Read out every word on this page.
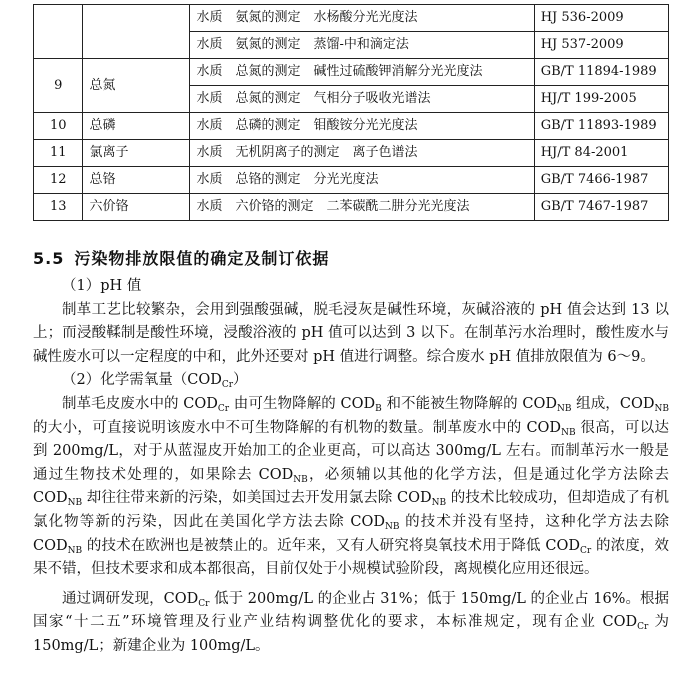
		水质　氨氮的测定　水杨酸分光光度法	HJ 536-2009
		水质　氨氮的测定　蒸馏-中和滴定法	HJ 537-2009
9	总氮	水质　总氮的测定　碱性过硫酸钾消解分光光度法	GB/T 11894-1989
		水质　总氮的测定　气相分子吸收光谱法	HJ/T 199-2005
10	总磷	水质　总磷的测定　钼酸铵分光光度法	GB/T 11893-1989
11	氯离子	水质　无机阴离子的测定　离子色谱法	HJ/T 84-2001
12	总铬	水质　总铬的测定　分光光度法	GB/T 7466-1987
13	六价铬	水质　六价铬的测定　二苯碳酰二肼分光光度法	GB/T 7467-1987
5.5 污染物排放限值的确定及制订依据

（1）pH 值

制革工艺比较繁杂，会用到强酸强碱，脱毛浸灰是碱性环境，灰碱浴液的 pH 值会达到 13 以上；而浸酸鞣制是酸性环境，浸酸浴液的 pH 值可以达到 3 以下。在制革污水治理时，酸性废水与碱性废水可以一定程度的中和，此外还要对 pH 值进行调整。综合废水 pH 值排放限值为 6～9。

（2）化学需氧量$(COD_{Cr})$

制革毛皮废水中的 $COD_{Cr}$ 由可生物降解的 $COD_B$ 和不能被生物降解的 $COD_{NB}$ 组成，$COD_{NB}$ 的大小，可直接说明该废水中不可生物降解的有机物的数量。制革废水中的 $COD_{NB}$ 很高，可以达到 200mg/L，对于从蓝湿皮开始加工的企业更高，可以高达 300mg/L 左右。而制革污水一般是通过生物技术处理的，如果除去 $COD_{NB}$，必须辅以其他的化学方法，但是通过化学方法除去 $COD_{NB}$ 却往往带来新的污染，如美国过去开发用氯去除 $COD_{NB}$ 的技术比较成功，但却造成了有机氯化物等新的污染，因此在美国化学方法去除 $COD_{NB}$ 的技术并没有坚持，这种化学方法去除 $COD_{NB}$ 的技术在欧洲也是被禁止的。近年来，又有人研究将臭氧技术用于降低 $COD_{Cr}$ 的浓度，效果不错，但技术要求和成本都很高，目前仅处于小规模试验阶段，离规模化应用还很远。

通过调研发现，$COD_{Cr}$ 低于 200mg/L 的企业占 31%；低于 150mg/L 的企业占 16%。根据国家“十二五”环境管理及行业产业结构调整优化的要求，本标准规定，现有企业 $COD_{Cr}$ 为 150mg/L；新建企业为 100mg/L。
